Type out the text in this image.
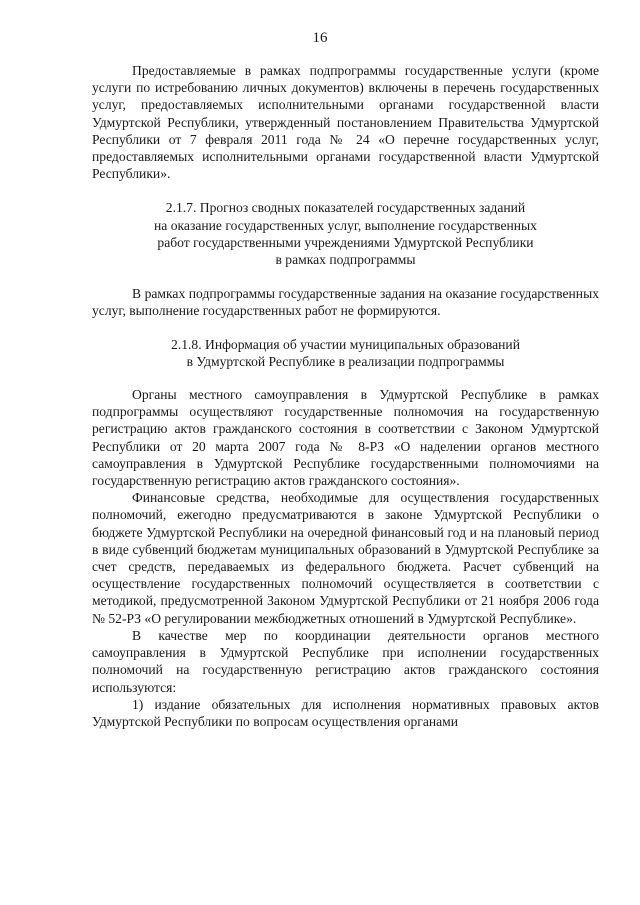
16

Предоставляемые в рамках подпрограммы государственные услуги (кроме услуги по истребованию личных документов) включены в перечень государственных услуг, предоставляемых исполнительными органами государственной власти Удмуртской Республики, утвержденный постановлением Правительства Удмуртской Республики от 7 февраля 2011 года № 24 «О перечне государственных услуг, предоставляемых исполнительными органами государственной власти Удмуртской Республики».

2.1.7. Прогноз сводных показателей государственных заданий

на оказание государственных услуг, выполнение государственных

работ государственными учреждениями Удмуртской Республики

в рамках подпрограммы

В рамках подпрограммы государственные задания на оказание государственных услуг, выполнение государственных работ не формируются.

2.1.8. Информация об участии муниципальных образований

в Удмуртской Республике в реализации подпрограммы

Органы местного самоуправления в Удмуртской Республике в рамках подпрограммы осуществляют государственные полномочия на государственную регистрацию актов гражданского состояния в соответствии с Законом Удмуртской Республики от 20 марта 2007 года № 8-РЗ «О наделении органов местного самоуправления в Удмуртской Республике государственными полномочиями на государственную регистрацию актов гражданского состояния».

Финансовые средства, необходимые для осуществления государственных полномочий, ежегодно предусматриваются в законе Удмуртской Республики о бюджете Удмуртской Республики на очередной финансовый год и на плановый период в виде субвенций бюджетам муниципальных образований в Удмуртской Республике за счет средств, передаваемых из федерального бюджета. Расчет субвенций на осуществление государственных полномочий осуществляется в соответствии с методикой, предусмотренной Законом Удмуртской Республики от 21 ноября 2006 года № 52-РЗ «О регулировании межбюджетных отношений в Удмуртской Республике».

В качестве мер по координации деятельности органов местного самоуправления в Удмуртской Республике при исполнении государственных полномочий на государственную регистрацию актов гражданского состояния используются:

1) издание обязательных для исполнения нормативных правовых актов Удмуртской Республики по вопросам осуществления органами
